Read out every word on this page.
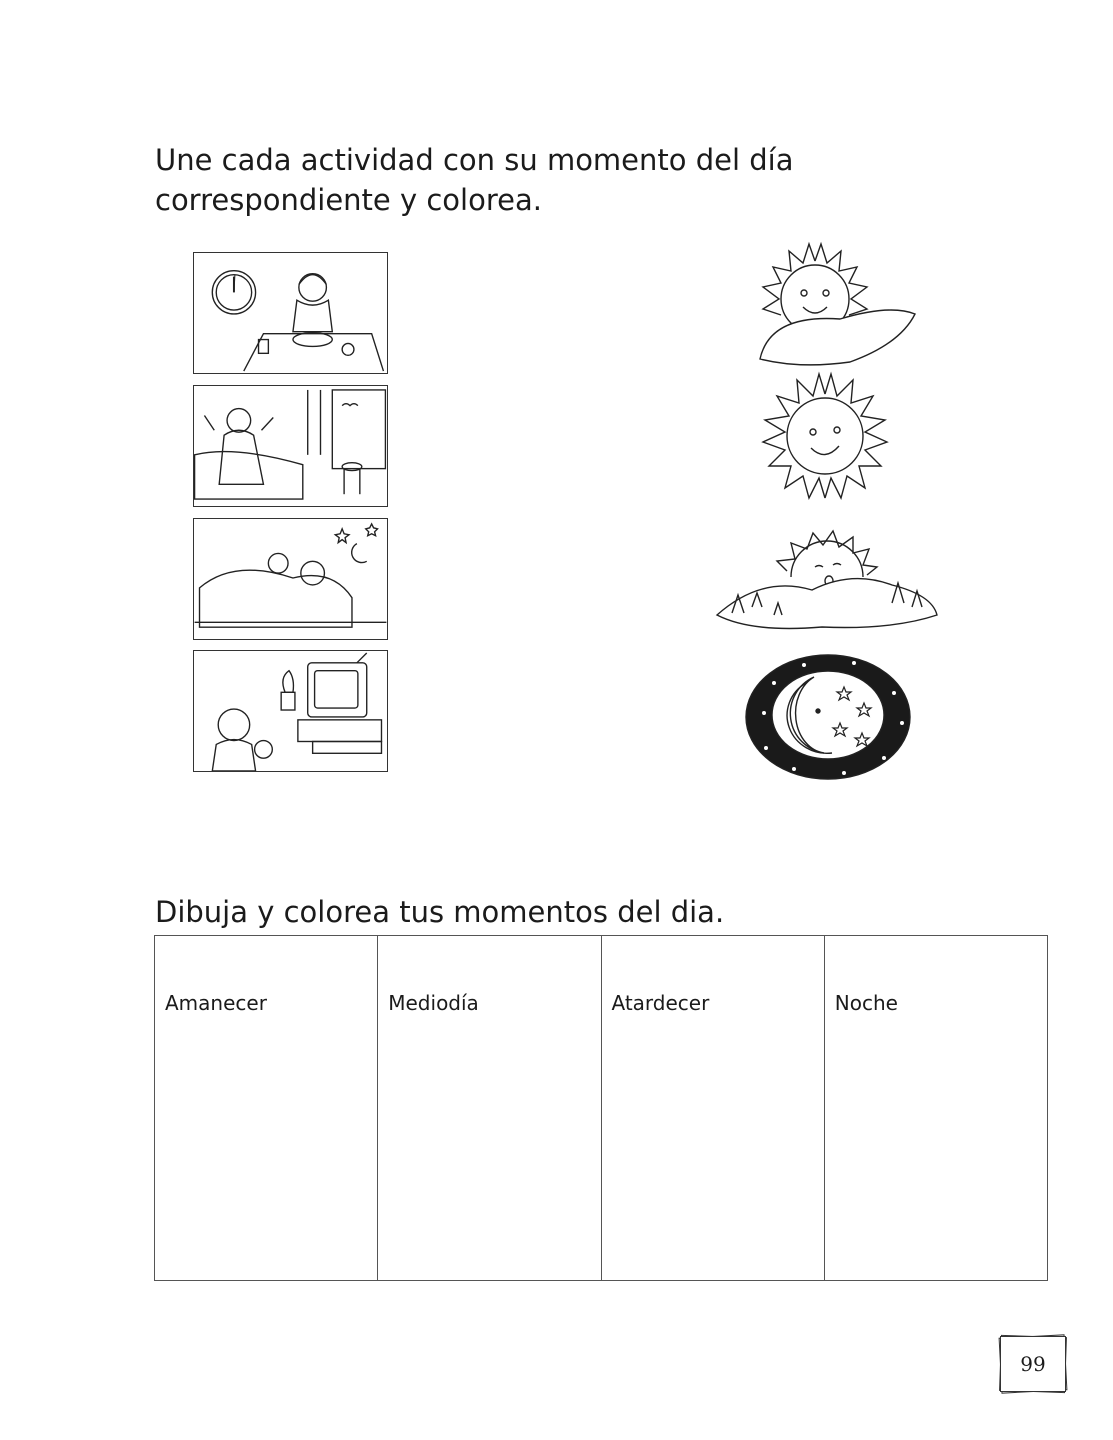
Une cada actividad con su momento del día
correspondiente y colorea.

Dibuja y colorea tus momentos del dia.

Amanecer	Mediodía	Atardecer	Noche
99
